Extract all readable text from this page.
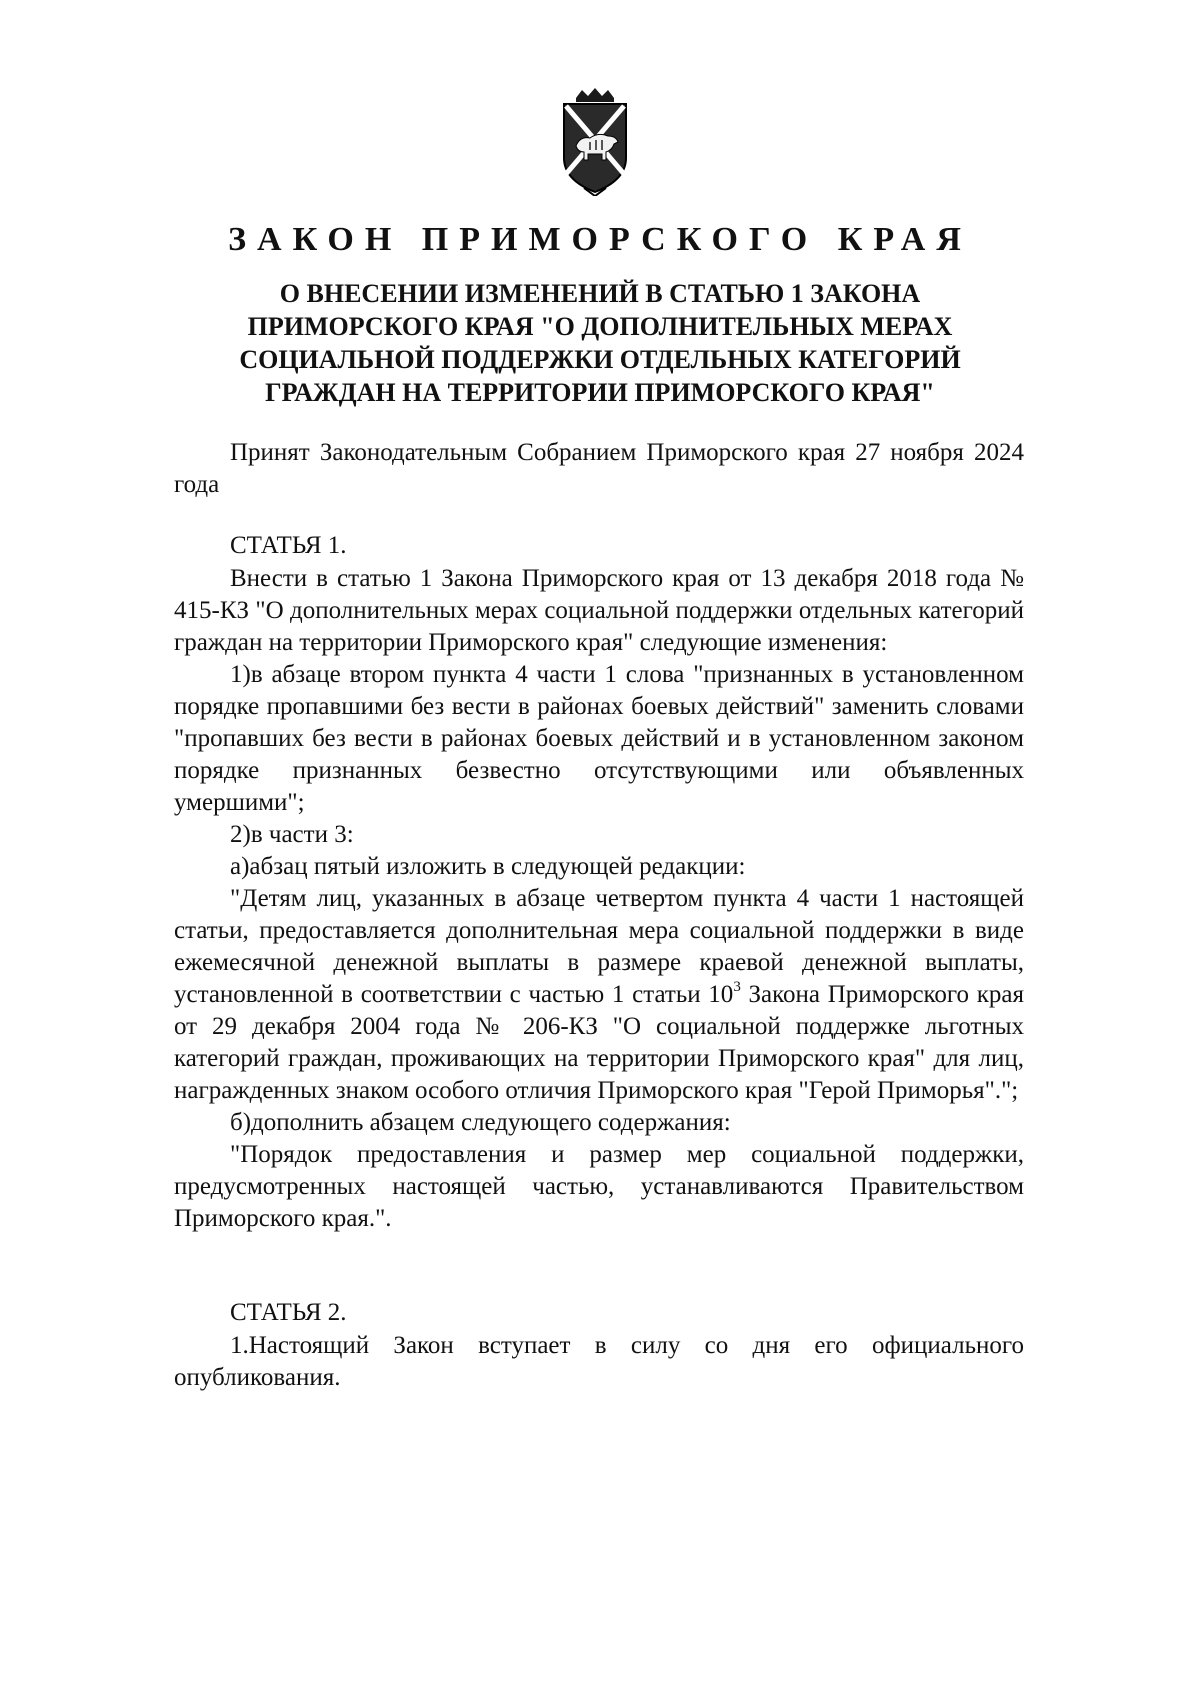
ЗАКОН ПРИМОРСКОГО КРАЯ
О ВНЕСЕНИИ ИЗМЕНЕНИЙ В СТАТЬЮ 1 ЗАКОНА
ПРИМОРСКОГО КРАЯ "О ДОПОЛНИТЕЛЬНЫХ МЕРАХ
СОЦИАЛЬНОЙ ПОДДЕРЖКИ ОТДЕЛЬНЫХ КАТЕГОРИЙ
ГРАЖДАН НА ТЕРРИТОРИИ ПРИМОРСКОГО КРАЯ"

Принят Законодательным Собранием Приморского края 27 ноября 2024 года

СТАТЬЯ 1.

Внести в статью 1 Закона Приморского края от 13 декабря 2018 года № 415-КЗ "О дополнительных мерах социальной поддержки отдельных категорий граждан на территории Приморского края" следующие изменения:

1)в абзаце втором пункта 4 части 1 слова "признанных в установленном порядке пропавшими без вести в районах боевых действий" заменить словами "пропавших без вести в районах боевых действий и в установленном законом порядке признанных безвестно отсутствующими или объявленных умершими";

2)в части 3:

а)абзац пятый изложить в следующей редакции:

"Детям лиц, указанных в абзаце четвертом пункта 4 части 1 настоящей статьи, предоставляется дополнительная мера социальной поддержки в виде ежемесячной денежной выплаты в размере краевой денежной выплаты, установленной в соответствии с частью 1 статьи $10^3$ Закона Приморского края от 29 декабря 2004 года № 206-КЗ "О социальной поддержке льготных категорий граждан, проживающих на территории Приморского края" для лиц, награжденных знаком особого отличия Приморского края "Герой Приморья".";

б)дополнить абзацем следующего содержания:

"Порядок предоставления и размер мер социальной поддержки, предусмотренных настоящей частью, устанавливаются Правительством Приморского края.".

СТАТЬЯ 2.

1.Настоящий Закон вступает в силу со дня его официального опубликования.
